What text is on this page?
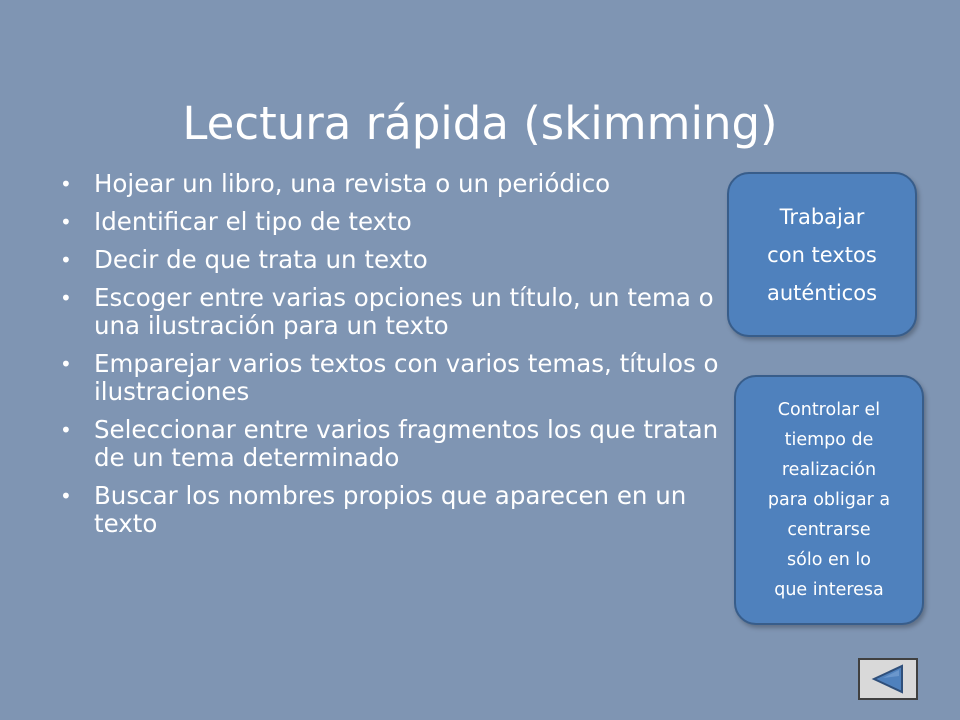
Lectura rápida (skimming)
• Hojear un libro, una revista o un periódico
• Identificar el tipo de texto
• Decir de que trata un texto
• Escoger entre varias opciones un título, un tema o una ilustración para un texto
• Emparejar varios textos con varios temas, títulos o ilustraciones
• Seleccionar entre varios fragmentos los que tratan de un tema determinado
• Buscar los nombres propios que aparecen en un texto
Trabajar
con textos
auténticos
Controlar el
tiempo de
realización
para obligar a
centrarse
sólo en lo
que interesa
